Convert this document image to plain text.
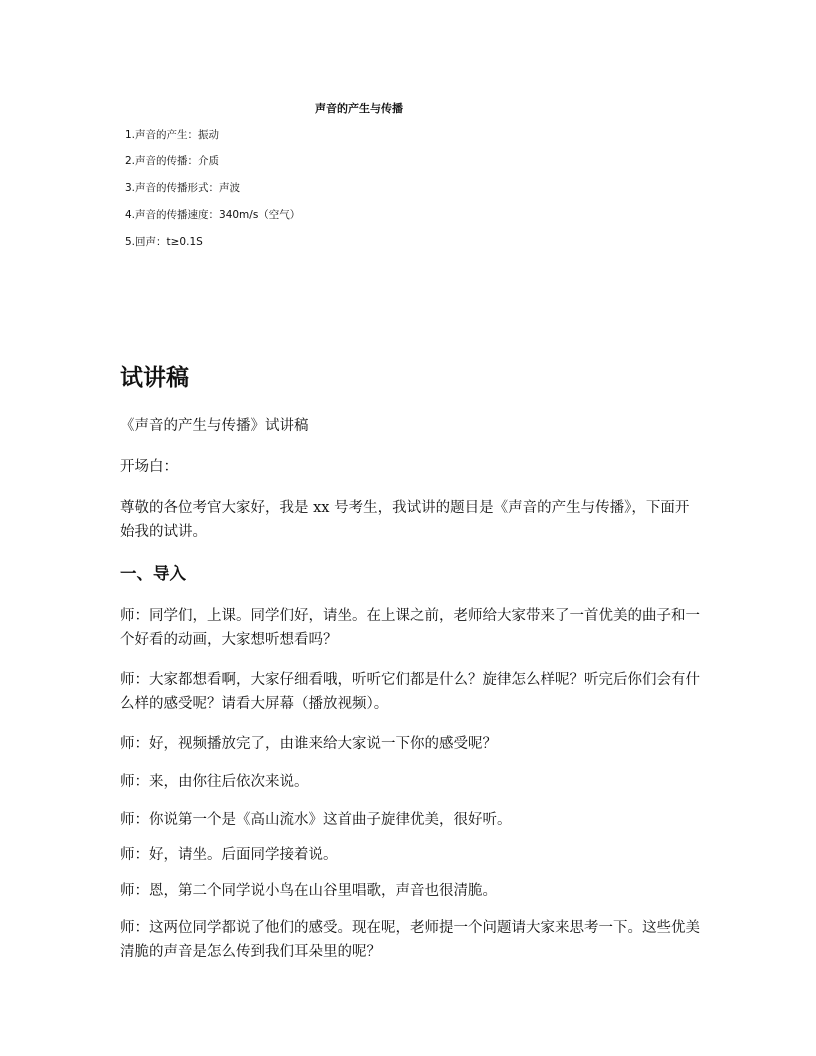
声音的产生与传播
1.声音的产生：振动
2.声音的传播：介质
3.声音的传播形式：声波
4.声音的传播速度：340m/s（空气）
5.回声：t≥0.1S
试讲稿

《声音的产生与传播》试讲稿

开场白：

尊敬的各位考官大家好，我是 xx 号考生，我试讲的题目是《声音的产生与传播》，下面开始我的试讲。

一、导入

师：同学们，上课。同学们好，请坐。在上课之前，老师给大家带来了一首优美的曲子和一个好看的动画，大家想听想看吗？

师：大家都想看啊，大家仔细看哦，听听它们都是什么？旋律怎么样呢？听完后你们会有什么样的感受呢？请看大屏幕（播放视频）。

师：好，视频播放完了，由谁来给大家说一下你的感受呢？

师：来，由你往后依次来说。

师：你说第一个是《高山流水》这首曲子旋律优美，很好听。

师：好，请坐。后面同学接着说。

师：恩，第二个同学说小鸟在山谷里唱歌，声音也很清脆。

师：这两位同学都说了他们的感受。现在呢，老师提一个问题请大家来思考一下。这些优美清脆的声音是怎么传到我们耳朵里的呢？
